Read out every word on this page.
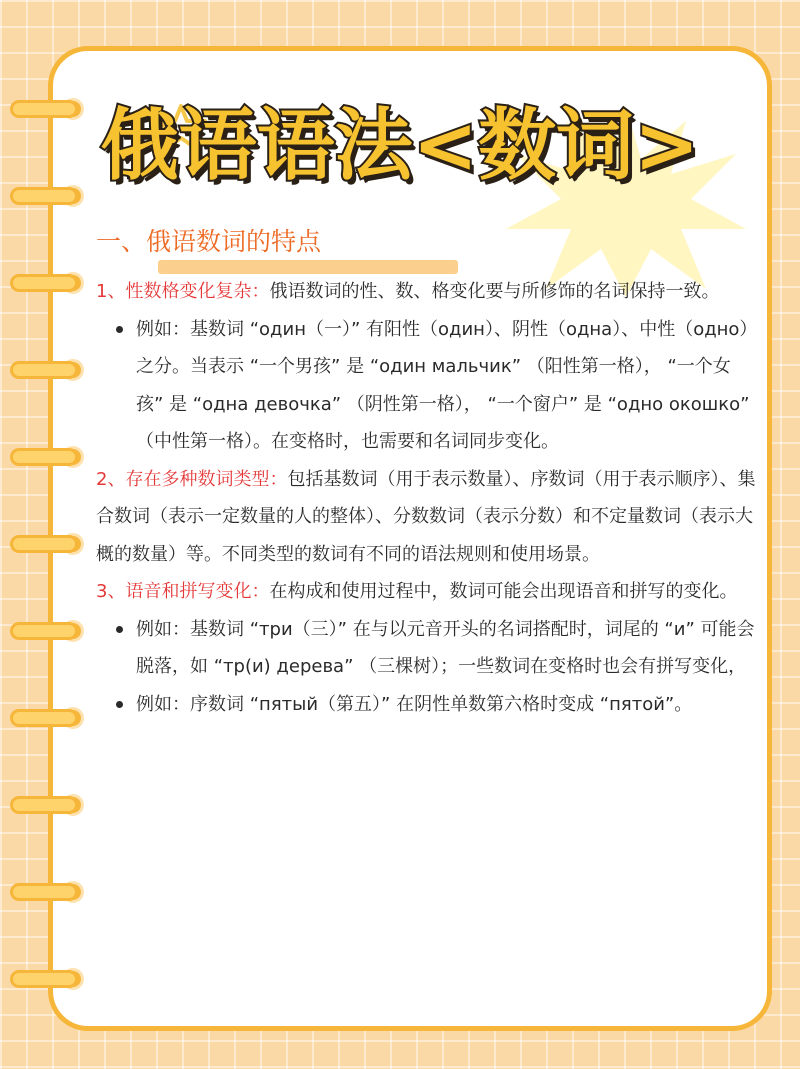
俄语语法<数词>
一、俄语数词的特点

1、性数格变化复杂：俄语数词的性、数、格变化要与所修饰的名词保持一致。

例如：基数词 “один（一）” 有阳性（один）、阴性（одна）、中性（одно）之分。当表示 “一个男孩” 是 “один мальчик” （阳性第一格）， “一个女孩” 是 “одна девочка” （阴性第一格）， “一个窗户” 是 “одно окошко” （中性第一格）。在变格时，也需要和名词同步变化。

2、存在多种数词类型：包括基数词（用于表示数量）、序数词（用于表示顺序）、集合数词（表示一定数量的人的整体）、分数数词（表示分数）和不定量数词（表示大概的数量）等。不同类型的数词有不同的语法规则和使用场景。

3、语音和拼写变化：在构成和使用过程中，数词可能会出现语音和拼写的变化。

例如：基数词 “три（三）” 在与以元音开头的名词搭配时，词尾的 “и” 可能会脱落，如 “тр(и) дерева” （三棵树）；一些数词在变格时也会有拼写变化，

例如：序数词 “пятый（第五）” 在阴性单数第六格时变成 “пятой”。
